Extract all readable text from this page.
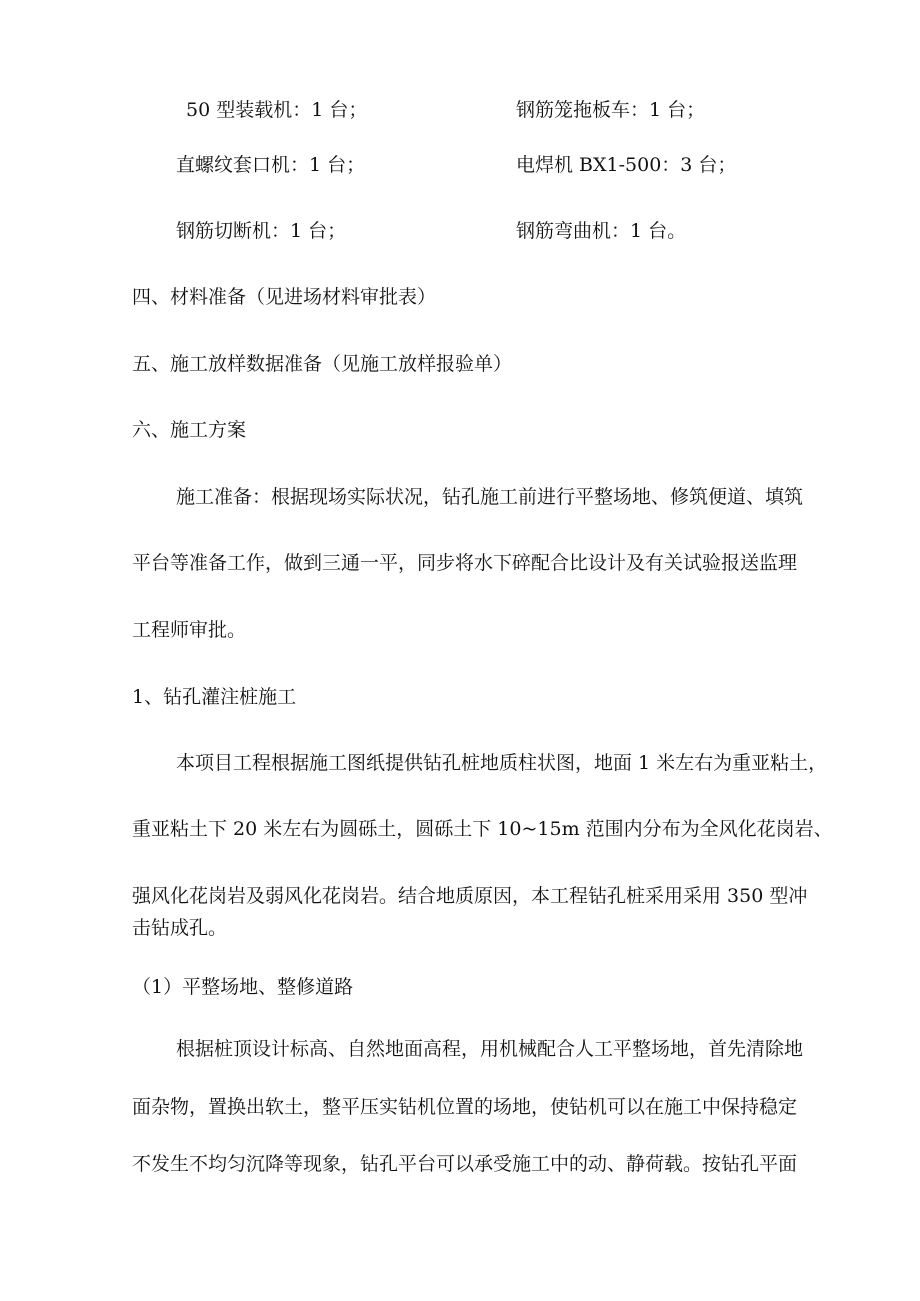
50 型装载机：1 台；	钢筋笼拖板车：1 台；
直螺纹套口机：1 台；	电焊机 BX1-500：3 台；
钢筋切断机：1 台；	钢筋弯曲机：1 台。
四、材料准备（见进场材料审批表）
五、施工放样数据准备（见施工放样报验单）
六、施工方案
施工准备：根据现场实际状况，钻孔施工前进行平整场地、修筑便道、填筑
平台等准备工作，做到三通一平，同步将水下碎配合比设计及有关试验报送监理
工程师审批。
1、钻孔灌注桩施工
本项目工程根据施工图纸提供钻孔桩地质柱状图，地面 1 米左右为重亚粘土，
重亚粘土下 20 米左右为圆砾土，圆砾土下 10~15m 范围内分布为全风化花岗岩、
强风化花岗岩及弱风化花岗岩。结合地质原因，本工程钻孔桩采用采用 350 型冲
击钻成孔。
（1）平整场地、整修道路
根据桩顶设计标高、自然地面高程，用机械配合人工平整场地，首先清除地
面杂物，置换出软土，整平压实钻机位置的场地，使钻机可以在施工中保持稳定
不发生不均匀沉降等现象，钻孔平台可以承受施工中的动、静荷载。按钻孔平面
